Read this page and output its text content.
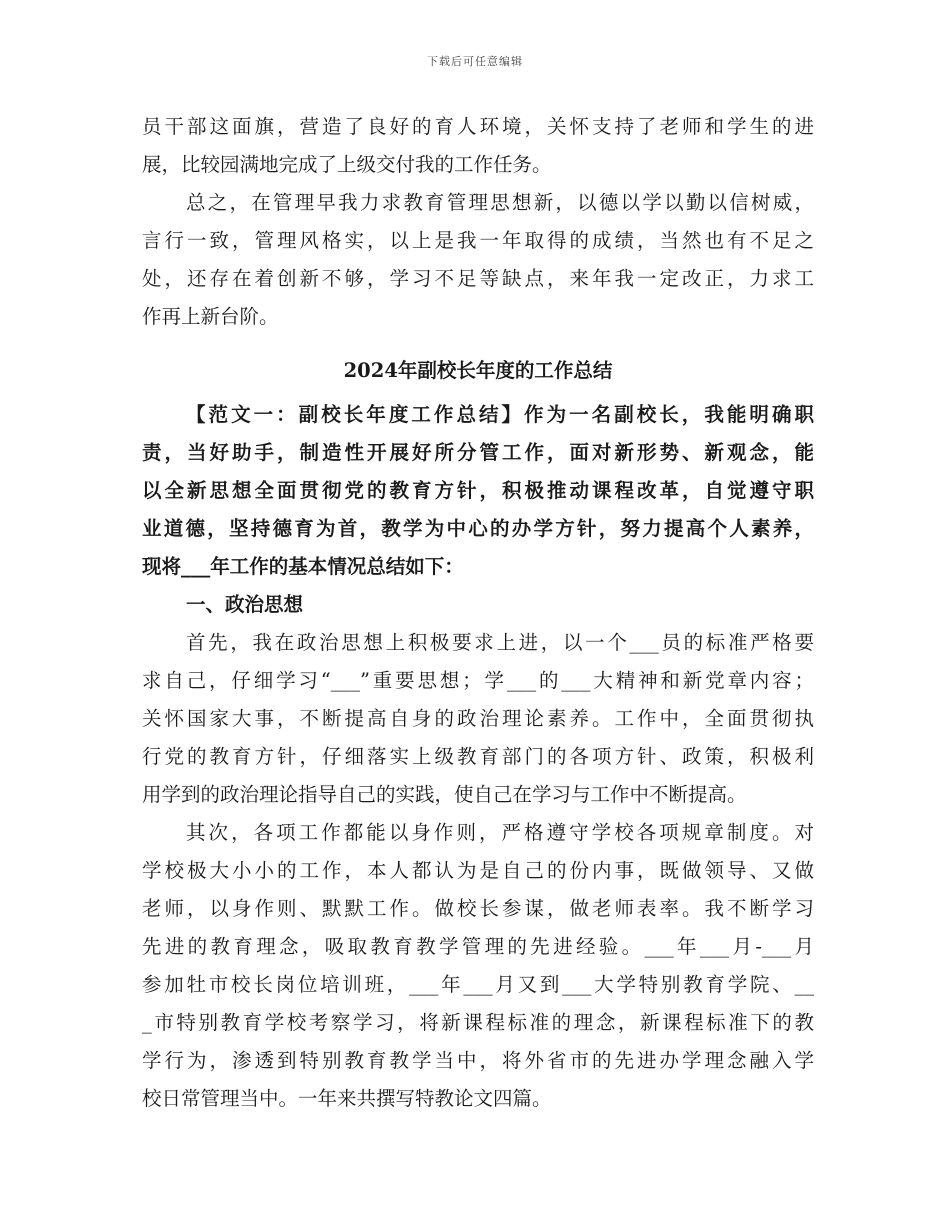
下载后可任意编辑
员干部这面旗，营造了良好的育人环境，关怀支持了老师和学生的进
展，比较园满地完成了上级交付我的工作任务。
总之，在管理早我力求教育管理思想新，以德以学以勤以信树威，
言行一致，管理风格实，以上是我一年取得的成绩，当然也有不足之
处，还存在着创新不够，学习不足等缺点，来年我一定改正，力求工
作再上新台阶。
2024年副校长年度的工作总结
【范文一：副校长年度工作总结】作为一名副校长，我能明确职
责，当好助手，制造性开展好所分管工作，面对新形势、新观念，能
以全新思想全面贯彻党的教育方针，积极推动课程改革，自觉遵守职
业道德，坚持德育为首，教学为中心的办学方针，努力提高个人素养，
现将___年工作的基本情况总结如下：
一、政治思想
首先，我在政治思想上积极要求上进，以一个___员的标准严格要
求自己，仔细学习“___”重要思想；学___的___大精神和新党章内容；
关怀国家大事，不断提高自身的政治理论素养。工作中，全面贯彻执
行党的教育方针，仔细落实上级教育部门的各项方针、政策，积极利
用学到的政治理论指导自己的实践，使自己在学习与工作中不断提高。
其次，各项工作都能以身作则，严格遵守学校各项规章制度。对
学校极大小小的工作，本人都认为是自己的份内事，既做领导、又做
老师，以身作则、默默工作。做校长参谋，做老师表率。我不断学习
先进的教育理念，吸取教育教学管理的先进经验。___年___月-___月
参加牡市校长岗位培训班，___年___月又到___大学特别教育学院、__
_市特别教育学校考察学习，将新课程标准的理念，新课程标准下的教
学行为，渗透到特别教育教学当中，将外省市的先进办学理念融入学
校日常管理当中。一年来共撰写特教论文四篇。
